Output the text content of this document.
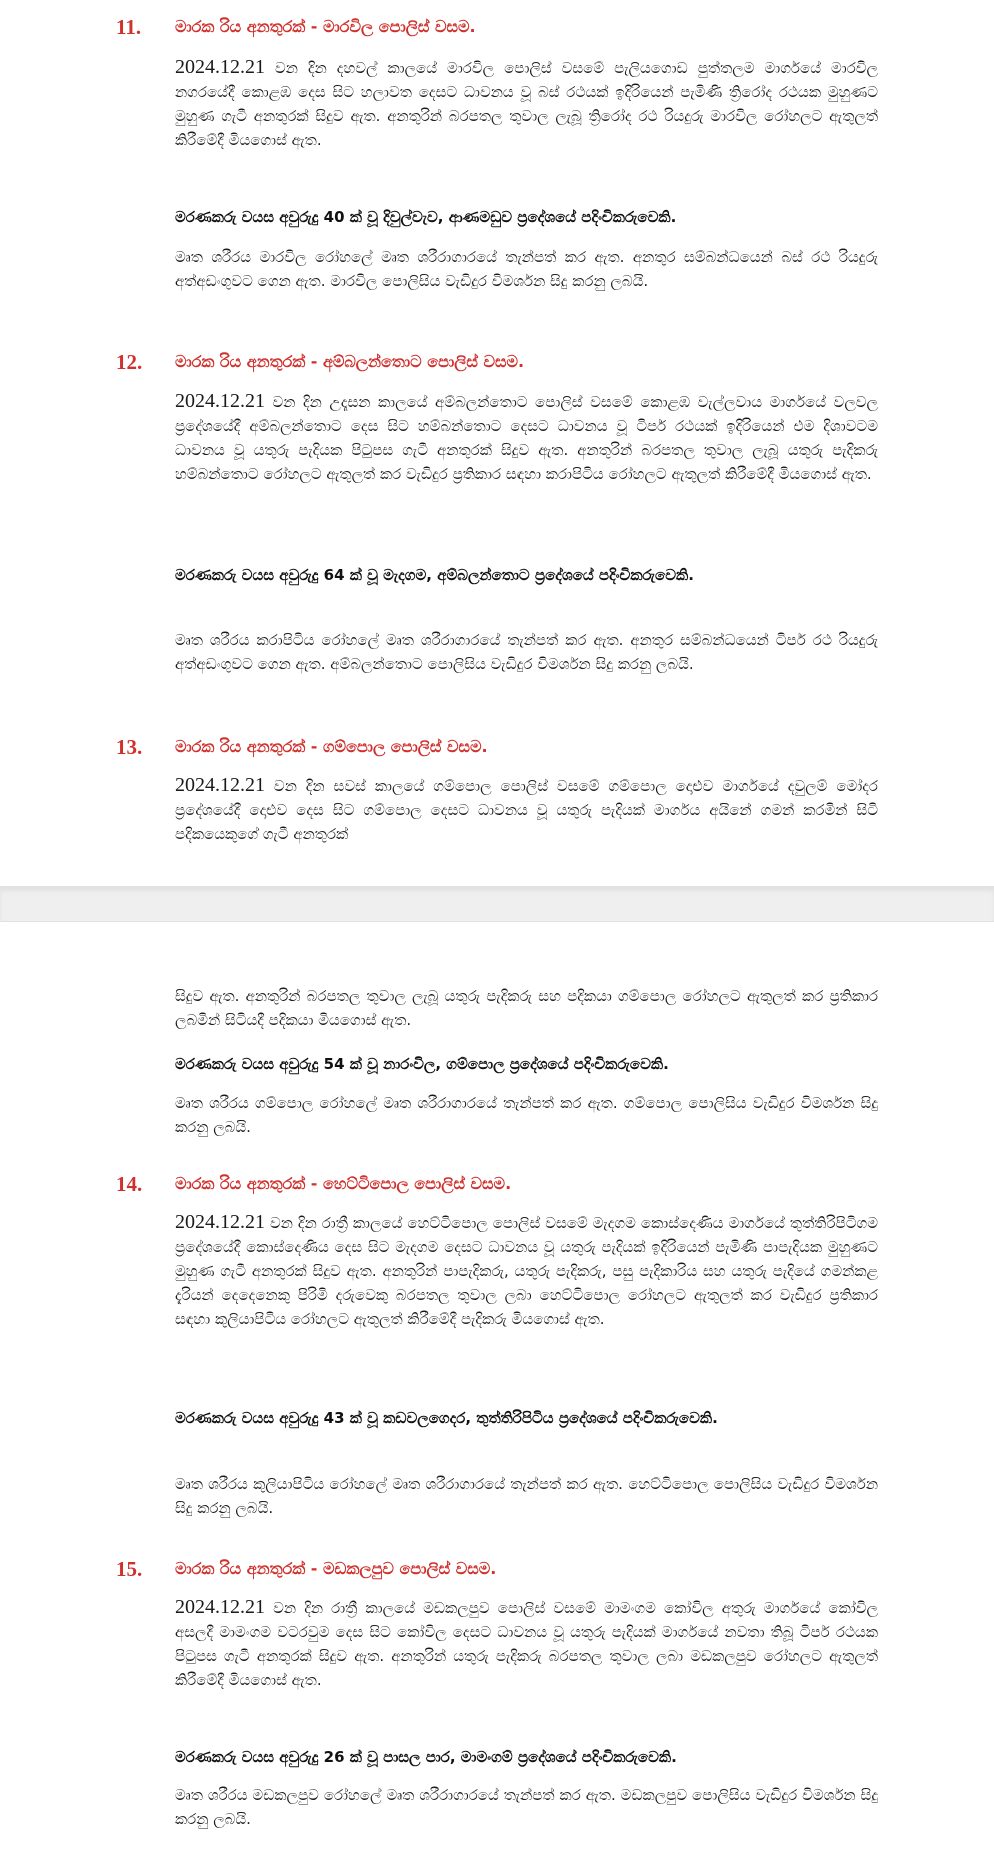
11. මාරක රිය අනතුරක් - මාරවිල පොලිස් වසම.

2024.12.21 වන දින දහවල් කාලයේ මාරවිල පොලිස් වසමේ පැලියගොඩ පුත්තලම මාර්ගයේ මාරවිල නගරයේදී කොළඹ දෙස සිට හලාවත දෙසට ධාවනය වූ බස් රථයක් ඉදිරියෙන් පැමිණි ත්‍රිරෝද රථයක මුහුණට මුහුණ ගැටී අනතුරක් සිදුව ඇත. අනතුරින් බරපතල තුවාල ලැබූ ත්‍රිරෝද රථ රියදුරු මාරවිල රෝහලට ඇතුලත් කිරීමේදී මියගොස් ඇත.

මරණකරු වයස අවුරුදු 40 ක් වූ දිවුල්වැව, ආණමඩුව ප්‍රදේශයේ පදිංචිකරුවෙකි.

මෘත ශරීරය මාරවිල රෝහලේ මෘත ශරීරාගාරයේ තැන්පත් කර ඇත. අනතුර සම්බන්ධයෙන් බස් රථ රියදුරු අත්අඩංගුවට ගෙන ඇත. මාරවිල පොලිසිය වැඩිදුර විමර්ශන සිදු කරනු ලබයි.

12. මාරක රිය අනතුරක් - අම්බලන්තොට පොලිස් වසම.

2024.12.21 වන දින උදෑසන කාලයේ අම්බලන්තොට පොලිස් වසමේ කොළඹ වැල්ලවාය මාර්ගයේ වලවල ප්‍රදේශයේදී අම්බලන්තොට දෙස සිට හම්බන්තොට දෙසට ධාවනය වූ ටිපර් රථයක් ඉදිරියෙන් එම දිශාවටම ධාවනය වූ යතුරු පැදියක පිටුපස ගැටී අනතුරක් සිදුව ඇත. අනතුරින් බරපතල තුවාල ලැබූ යතුරු පැදිකරු හම්බන්තොට රෝහලට ඇතුලත් කර වැඩිදුර ප්‍රතිකාර සඳහා කරාපිටිය රෝහලට ඇතුලත් කිරීමේදී මියගොස් ඇත.

මරණකරු වයස අවුරුදු 64 ක් වූ මැදගම, අම්බලන්තොට ප්‍රදේශයේ පදිංචිකරුවෙකි.

මෘත ශරීරය කරාපිටිය රෝහලේ මෘත ශරීරාගාරයේ තැන්පත් කර ඇත. අනතුර සම්බන්ධයෙන් ටිපර් රථ රියදුරු අත්අඩංගුවට ගෙන ඇත. අම්බලන්තොට පොලිසිය වැඩිදුර විමර්ශන සිදු කරනු ලබයි.

13. මාරක රිය අනතුරක් - ගම්පොල පොලිස් වසම.

2024.12.21 වන දින සවස් කාලයේ ගම්පොල පොලිස් වසමේ ගම්පොල දොළුව මාර්ගයේ දවුලම් මෝදර ප්‍රදේශයේදී දොළුව දෙස සිට ගම්පොල දෙසට ධාවනය වූ යතුරු පැදියක් මාර්ගය අයිනේ ගමන් කරමින් සිටි පදිකයෙකුගේ ගැටී අනතුරක්

සිදුව ඇත. අනතුරින් බරපතල තුවාල ලැබූ යතුරු පැදිකරු සහ පදිකයා ගම්පොල රෝහලට ඇතුලත් කර ප්‍රතිකාර ලබමින් සිටියදී පදිකයා මියගොස් ඇත.

මරණකරු වයස අවුරුදු 54 ක් වූ නාරංවිල, ගම්පොල ප්‍රදේශයේ පදිංචිකරුවෙකි.

මෘත ශරීරය ගම්පොල රෝහලේ මෘත ශරීරාගාරයේ තැන්පත් කර ඇත. ගම්පොල පොලිසිය වැඩිදුර විමර්ශන සිදු කරනු ලබයි.

14. මාරක රිය අනතුරක් - හෙට්ටිපොල පොලිස් වසම.

2024.12.21 වන දින රාත්‍රී කාලයේ හෙට්ටිපොල පොලිස් වසමේ මැදගම කොස්දෙණිය මාර්ගයේ තුත්තිරිපිටිගම ප්‍රදේශයේදී කොස්දෙණිය දෙස සිට මැදගම දෙසට ධාවනය වූ යතුරු පැදියක් ඉදිරියෙන් පැමිණි පාපැදියක මුහුණට මුහුණ ගැටී අනතුරක් සිදුව ඇත. අනතුරින් පාපැදිකරු, යතුරු පැදිකරු, පසු පැදිකාරිය සහ යතුරු පැදියේ ගමන්කළ දැරියන් දෙදෙනෙකු පිරිමි දරුවෙකු බරපතල තුවාල ලබා හෙට්ටිපොල රෝහලට ඇතුලත් කර වැඩිදුර ප්‍රතිකාර සඳහා කුලියාපිටිය රෝහලට ඇතුලත් කිරීමේදී පැදිකරු මියගොස් ඇත.

මරණකරු වයස අවුරුදු 43 ක් වූ කඩවලගෙදර, තුත්තිරිපිටිය ප්‍රදේශයේ පදිංචිකරුවෙකි.

මෘත ශරීරය කුලියාපිටිය රෝහලේ මෘත ශරීරාගාරයේ තැන්පත් කර ඇත. හෙට්ටිපොල පොලිසිය වැඩිදුර විමර්ශන සිදු කරනු ලබයි.

15. මාරක රිය අනතුරක් - මඩකලපුව පොලිස් වසම.

2024.12.21 වන දින රාත්‍රී කාලයේ මඩකලපුව පොලිස් වසමේ මාමංගම කෝවිල අතුරු මාර්ගයේ කෝවිල අසලදී මාමංගම වටරවුම දෙස සිට කෝවිල දෙසට ධාවනය වූ යතුරු පැදියක් මාර්ගයේ නවතා තිබූ ටිපර් රථයක පිටුපස ගැටී අනතුරක් සිදුව ඇත. අනතුරින් යතුරු පැදිකරු බරපතල තුවාල ලබා මඩකලපුව රෝහලට ඇතුලත් කිරීමේදී මියගොස් ඇත.

මරණකරු වයස අවුරුදු 26 ක් වූ පාසල පාර, මාමංගම් ප්‍රදේශයේ පදිංචිකරුවෙකි.

මෘත ශරීරය මඩකලපුව රෝහලේ මෘත ශරීරාගාරයේ තැන්පත් කර ඇත. මඩකලපුව පොලිසිය වැඩිදුර විමර්ශන සිදු කරනු ලබයි.
